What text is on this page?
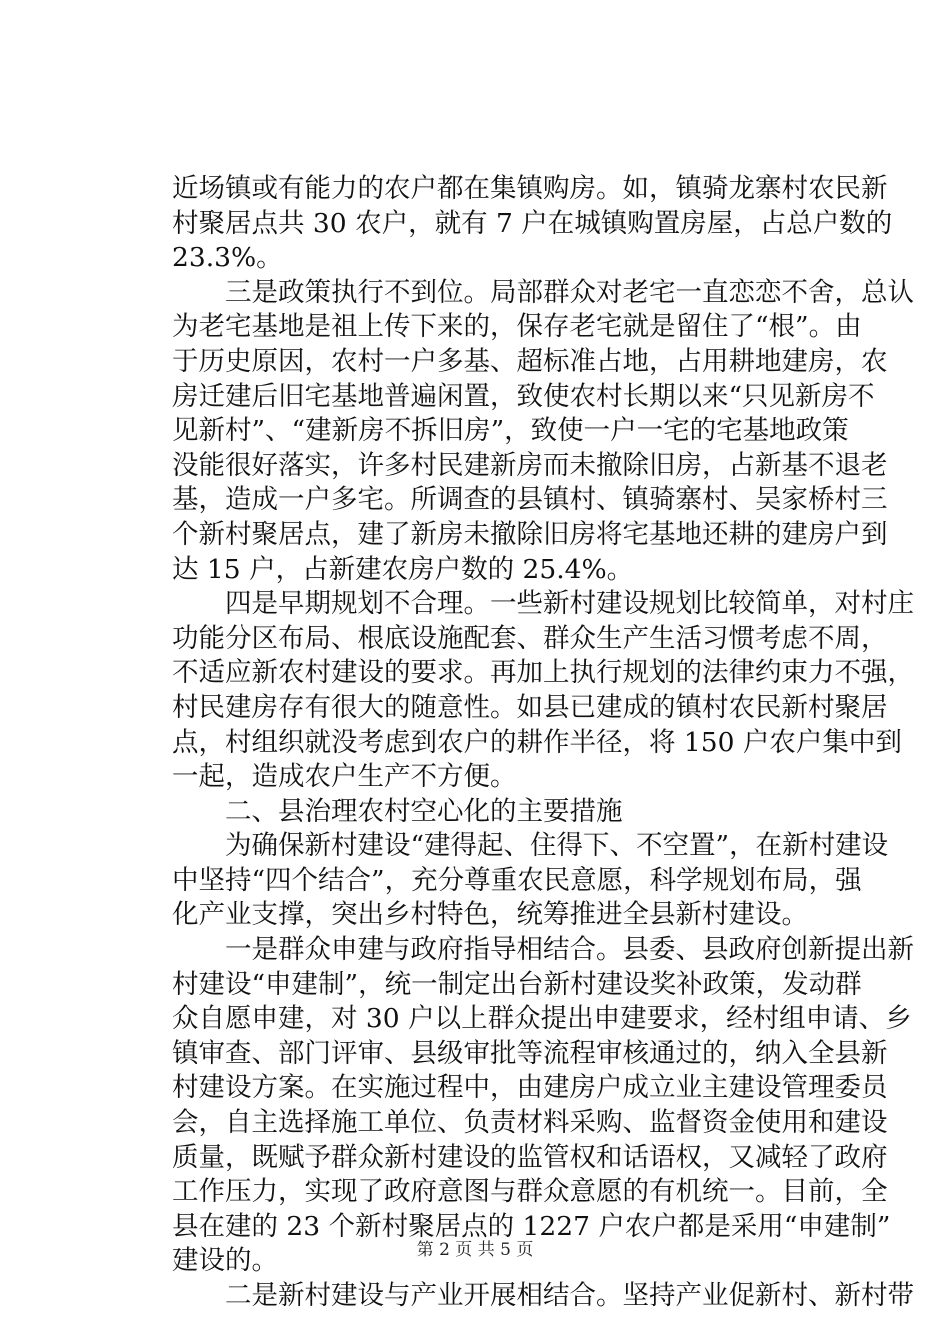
近场镇或有能力的农户都在集镇购房。如，镇骑龙寨村农民新
村聚居点共 30 农户，就有 7 户在城镇购置房屋，占总户数的
23.3%。
三是政策执行不到位。局部群众对老宅一直恋恋不舍，总认
为老宅基地是祖上传下来的，保存老宅就是留住了“根”。由
于历史原因，农村一户多基、超标准占地，占用耕地建房，农
房迁建后旧宅基地普遍闲置，致使农村长期以来“只见新房不
见新村”、“建新房不拆旧房”，致使一户一宅的宅基地政策
没能很好落实，许多村民建新房而未撤除旧房，占新基不退老
基，造成一户多宅。所调查的县镇村、镇骑寨村、吴家桥村三
个新村聚居点，建了新房未撤除旧房将宅基地还耕的建房户到
达 15 户，占新建农房户数的 25.4%。
四是早期规划不合理。一些新村建设规划比较简单，对村庄
功能分区布局、根底设施配套、群众生产生活习惯考虑不周，
不适应新农村建设的要求。再加上执行规划的法律约束力不强，
村民建房存有很大的随意性。如县已建成的镇村农民新村聚居
点，村组织就没考虑到农户的耕作半径，将 150 户农户集中到
一起，造成农户生产不方便。
二、县治理农村空心化的主要措施
为确保新村建设“建得起、住得下、不空置”，在新村建设
中坚持“四个结合”，充分尊重农民意愿，科学规划布局，强
化产业支撑，突出乡村特色，统筹推进全县新村建设。
一是群众申建与政府指导相结合。县委、县政府创新提出新
村建设“申建制”，统一制定出台新村建设奖补政策，发动群
众自愿申建，对 30 户以上群众提出申建要求，经村组申请、乡
镇审查、部门评审、县级审批等流程审核通过的，纳入全县新
村建设方案。在实施过程中，由建房户成立业主建设管理委员
会，自主选择施工单位、负责材料采购、监督资金使用和建设
质量，既赋予群众新村建设的监管权和话语权，又减轻了政府
工作压力，实现了政府意图与群众意愿的有机统一。目前，全
县在建的 23 个新村聚居点的 1227 户农户都是采用“申建制”
建设的。
二是新村建设与产业开展相结合。坚持产业促新村、新村带
第 2 页 共 5 页
